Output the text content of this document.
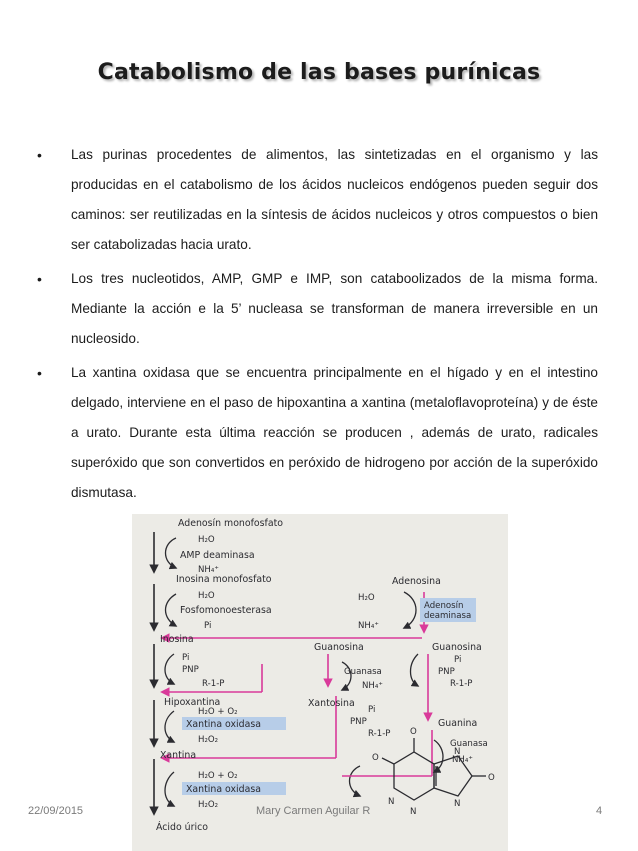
Catabolismo de las bases purínicas
• Las purinas procedentes de alimentos, las sintetizadas en el organismo y las producidas en el catabolismo de los ácidos nucleicos endógenos pueden seguir dos caminos: ser reutilizadas en la síntesis de ácidos nucleicos y otros compuestos o bien ser catabolizadas hacia urato.
• Los tres nucleotidos, AMP, GMP e IMP, son cataboolizados de la misma forma. Mediante la acción e la 5’ nucleasa se transforman de manera irreversible en un nucleosido.
• La xantina oxidasa que se encuentra principalmente en el hígado y en el intestino delgado, interviene en el paso de hipoxantina a xantina (metaloflavoproteína) y de éste a urato. Durante esta última reacción se producen , además de urato, radicales superóxido que son convertidos en peróxido de hidrogeno por acción de la superóxido dismutasa.
Adenosín monofosfato
H₂O
AMP deaminasa
NH₄⁺
Inosina monofosfato
H₂O
Fosfomonoesterasa
Pi
Inosina
Adenosina
H₂O
NH₄⁺
Adenosín
deaminasa
Pi
PNP
R-1-P
Guanosina
Guanasa
NH₄⁺
Guanosina
Pi
PNP
R-1-P
Hipoxantina	Xantosina
Pi
PNP
R-1-P
Guanina
Guanasa
NH₄⁺
H₂O + O₂
Xantina oxidasa
H₂O₂
Xantina
H₂O + O₂
Xantina oxidasa
H₂O₂
Ácido úrico
O
N
N
O
O
N
N
22/09/2015	Mary Carmen Aguilar R	4
